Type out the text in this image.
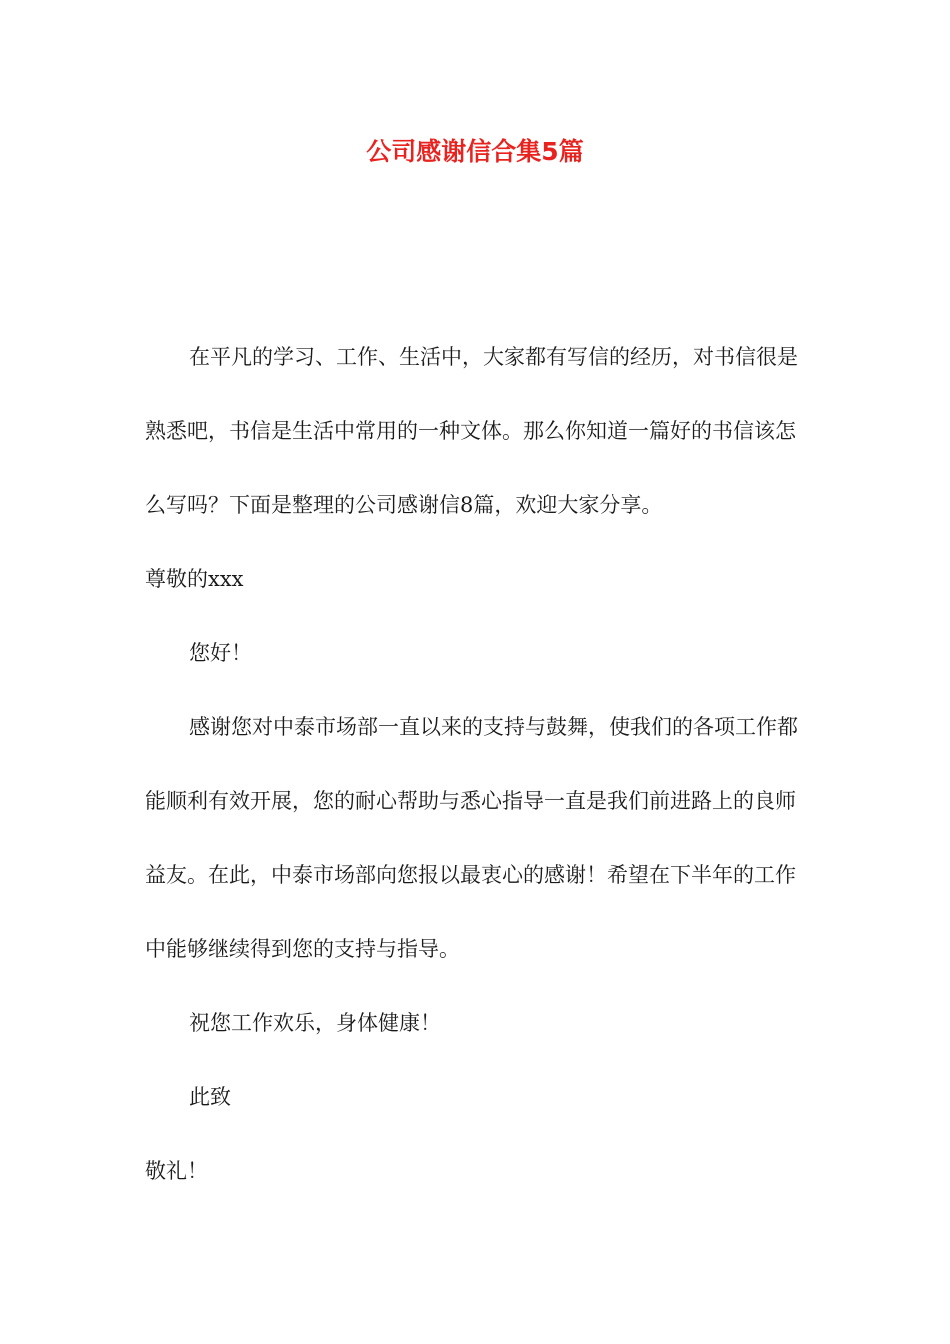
公司感谢信合集5篇

在平凡的学习、工作、生活中，大家都有写信的经历，对书信很是熟悉吧，书信是生活中常用的一种文体。那么你知道一篇好的书信该怎么写吗？下面是整理的公司感谢信8篇，欢迎大家分享。

尊敬的xxx

您好！

感谢您对中泰市场部一直以来的支持与鼓舞，使我们的各项工作都能顺利有效开展，您的耐心帮助与悉心指导一直是我们前进路上的良师益友。在此，中泰市场部向您报以最衷心的感谢！希望在下半年的工作中能够继续得到您的支持与指导。

祝您工作欢乐，身体健康！

此致

敬礼！
